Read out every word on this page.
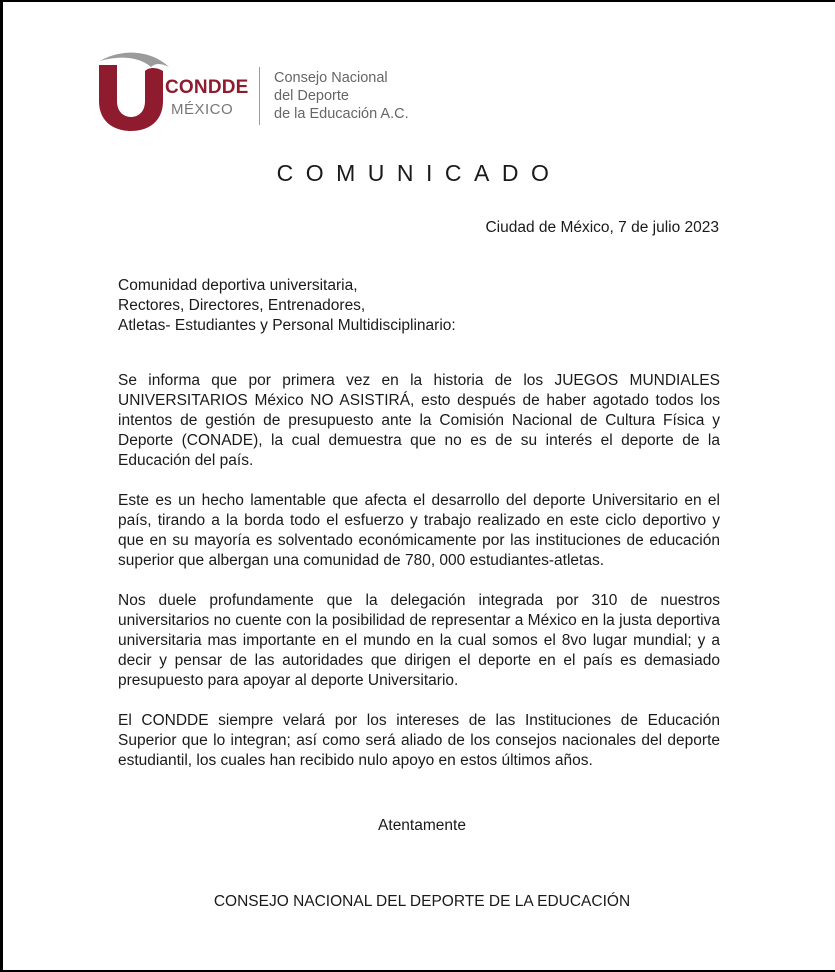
CONDDE
MÉXICO
Consejo Nacional
del Deporte
de la Educación A.C.
COMUNICADO
Ciudad de México, 7 de julio 2023
Comunidad deportiva universitaria,
Rectores, Directores, Entrenadores,
Atletas- Estudiantes y Personal Multidisciplinario:

Se informa que por primera vez en la historia de los JUEGOS MUNDIALES UNIVERSITARIOS México NO ASISTIRÁ, esto después de haber agotado todos los intentos de gestión de presupuesto ante la Comisión Nacional de Cultura Física y Deporte (CONADE), la cual demuestra que no es de su interés el deporte de la Educación del país.

Este es un hecho lamentable que afecta el desarrollo del deporte Universitario en el país, tirando a la borda todo el esfuerzo y trabajo realizado en este ciclo deportivo y que en su mayoría es solventado económicamente por las instituciones de educación superior que albergan una comunidad de 780, 000 estudiantes-atletas.

Nos duele profundamente que la delegación integrada por 310 de nuestros universitarios no cuente con la posibilidad de representar a México en la justa deportiva universitaria mas importante en el mundo en la cual somos el 8vo lugar mundial; y a decir y pensar de las autoridades que dirigen el deporte en el país es demasiado presupuesto para apoyar al deporte Universitario.

El CONDDE siempre velará por los intereses de las Instituciones de Educación Superior que lo integran; así como será aliado de los consejos nacionales del deporte estudiantil, los cuales han recibido nulo apoyo en estos últimos años.

Atentamente
CONSEJO NACIONAL DEL DEPORTE DE LA EDUCACIÓN
